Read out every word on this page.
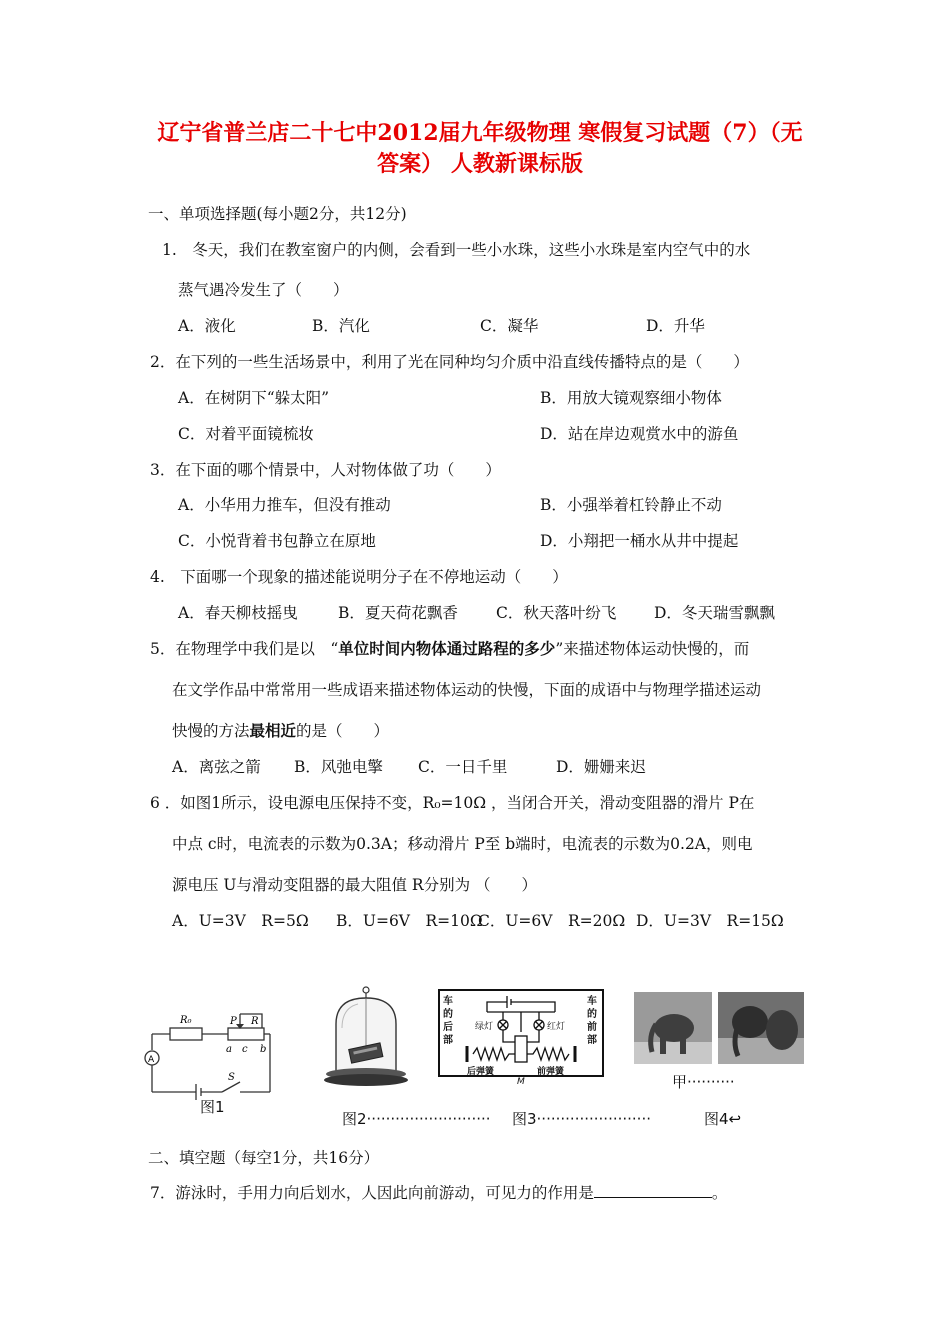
辽宁省普兰店二十七中2012届九年级物理 寒假复习试题（7）（无
答案） 人教新课标版
一、单项选择题(每小题2分，共12分)
1.　冬天，我们在教室窗户的内侧，会看到一些小水珠，这些小水珠是室内空气中的水
蒸气遇冷发生了（　　）
A．液化	B．汽化	C．凝华	D．升华
2．在下列的一些生活场景中，利用了光在同种均匀介质中沿直线传播特点的是（　　）
A．在树阴下“躲太阳”	B．用放大镜观察细小物体
C．对着平面镜梳妆	D．站在岸边观赏水中的游鱼
3．在下面的哪个情景中，人对物体做了功（　　）
A．小华用力推车，但没有推动	B．小强举着杠铃静止不动
C．小悦背着书包静立在原地	D．小翔把一桶水从井中提起
4.　下面哪一个现象的描述能说明分子在不停地运动（　　）
A．春天柳枝摇曳	B．夏天荷花飘香 C．秋天落叶纷飞 D．冬天瑞雪飘飘
5．在物理学中我们是以　“单位时间内物体通过路程的多少”来描述物体运动快慢的，而
在文学作品中常常用一些成语来描述物体运动的快慢，下面的成语中与物理学描述运动
快慢的方法最相近的是（　　）
A．离弦之箭 B．风弛电擎 C．一日千里	D．姗姗来迟
6 ．如图1所示，设电源电压保持不变，R₀=10Ω ，当闭合开关，滑动变阻器的滑片 P在
中点 c时，电流表的示数为0.3A；移动滑片 P至 b端时，电流表的示数为0.2A，则电
源电压 U与滑动变阻器的最大阻值 R分别为 （　　）
A．U=3V　R=5Ω B．U=6V　R=10Ω
C．U=6V　R=20Ω D．U=3V　R=15Ω
R₀	P R
a c b
S
A
图1
车
的
后
部
车
的
前
部
绿灯	红灯
后弹簧	前弹簧
M
图2·························· 图3························	图4↩
甲··········
二、填空题（每空1分，共16分）
7．游泳时，手用力向后划水，人因此向前游动，可见力的作用是	。
